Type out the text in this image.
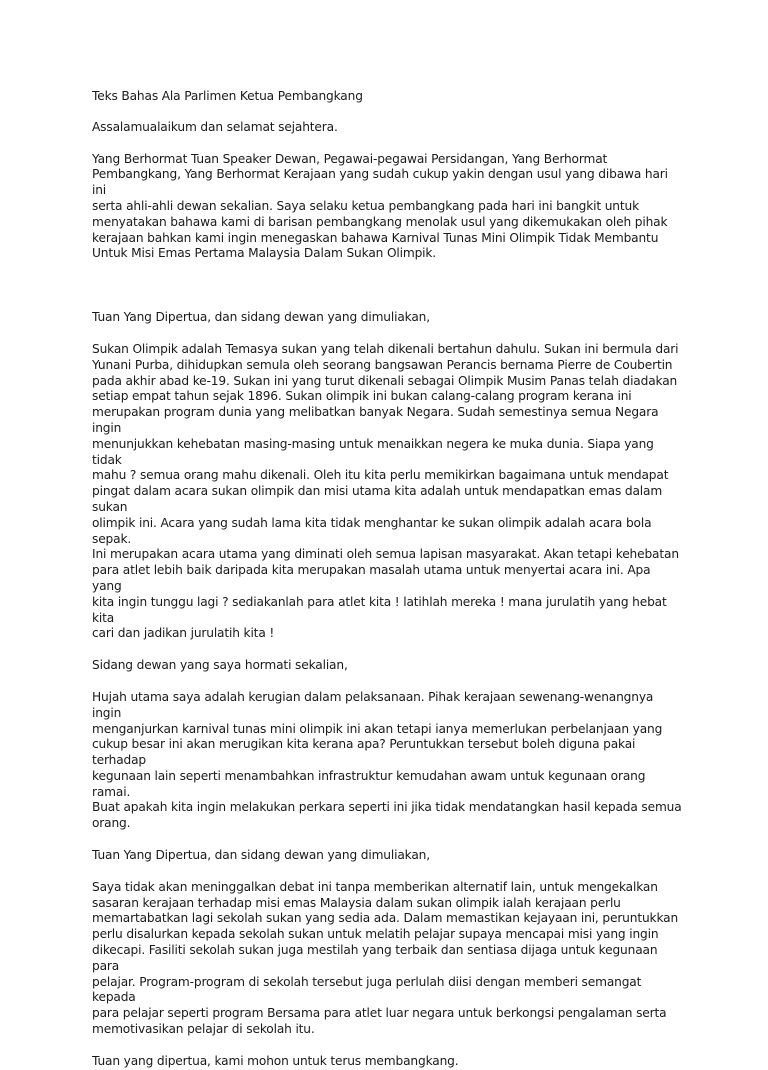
Teks Bahas Ala Parlimen Ketua Pembangkang

Assalamualaikum dan selamat sejahtera.

Yang Berhormat Tuan Speaker Dewan, Pegawai-pegawai Persidangan, Yang Berhormat
Pembangkang, Yang Berhormat Kerajaan yang sudah cukup yakin dengan usul yang dibawa hari ini
serta ahli-ahli dewan sekalian. Saya selaku ketua pembangkang pada hari ini bangkit untuk
menyatakan bahawa kami di barisan pembangkang menolak usul yang dikemukakan oleh pihak
kerajaan bahkan kami ingin menegaskan bahawa Karnival Tunas Mini Olimpik Tidak Membantu
Untuk Misi Emas Pertama Malaysia Dalam Sukan Olimpik.

Tuan Yang Dipertua, dan sidang dewan yang dimuliakan,

Sukan Olimpik adalah Temasya sukan yang telah dikenali bertahun dahulu. Sukan ini bermula dari
Yunani Purba, dihidupkan semula oleh seorang bangsawan Perancis bernama Pierre de Coubertin
pada akhir abad ke-19. Sukan ini yang turut dikenali sebagai Olimpik Musim Panas telah diadakan
setiap empat tahun sejak 1896. Sukan olimpik ini bukan calang-calang program kerana ini
merupakan program dunia yang melibatkan banyak Negara. Sudah semestinya semua Negara ingin
menunjukkan kehebatan masing-masing untuk menaikkan negera ke muka dunia. Siapa yang tidak
mahu ? semua orang mahu dikenali. Oleh itu kita perlu memikirkan bagaimana untuk mendapat
pingat dalam acara sukan olimpik dan misi utama kita adalah untuk mendapatkan emas dalam sukan
olimpik ini. Acara yang sudah lama kita tidak menghantar ke sukan olimpik adalah acara bola sepak.
Ini merupakan acara utama yang diminati oleh semua lapisan masyarakat. Akan tetapi kehebatan
para atlet lebih baik daripada kita merupakan masalah utama untuk menyertai acara ini. Apa yang
kita ingin tunggu lagi ? sediakanlah para atlet kita ! latihlah mereka ! mana jurulatih yang hebat kita
cari dan jadikan jurulatih kita !

Sidang dewan yang saya hormati sekalian,

Hujah utama saya adalah kerugian dalam pelaksanaan. Pihak kerajaan sewenang-wenangnya ingin
menganjurkan karnival tunas mini olimpik ini akan tetapi ianya memerlukan perbelanjaan yang
cukup besar ini akan merugikan kita kerana apa? Peruntukkan tersebut boleh diguna pakai terhadap
kegunaan lain seperti menambahkan infrastruktur kemudahan awam untuk kegunaan orang ramai.
Buat apakah kita ingin melakukan perkara seperti ini jika tidak mendatangkan hasil kepada semua
orang.

Tuan Yang Dipertua, dan sidang dewan yang dimuliakan,

Saya tidak akan meninggalkan debat ini tanpa memberikan alternatif lain, untuk mengekalkan
sasaran kerajaan terhadap misi emas Malaysia dalam sukan olimpik ialah kerajaan perlu
memartabatkan lagi sekolah sukan yang sedia ada. Dalam memastikan kejayaan ini, peruntukkan
perlu disalurkan kepada sekolah sukan untuk melatih pelajar supaya mencapai misi yang ingin
dikecapi. Fasiliti sekolah sukan juga mestilah yang terbaik dan sentiasa dijaga untuk kegunaan para
pelajar. Program-program di sekolah tersebut juga perlulah diisi dengan memberi semangat kepada
para pelajar seperti program Bersama para atlet luar negara untuk berkongsi pengalaman serta
memotivasikan pelajar di sekolah itu.

Tuan yang dipertua, kami mohon untuk terus membangkang.
